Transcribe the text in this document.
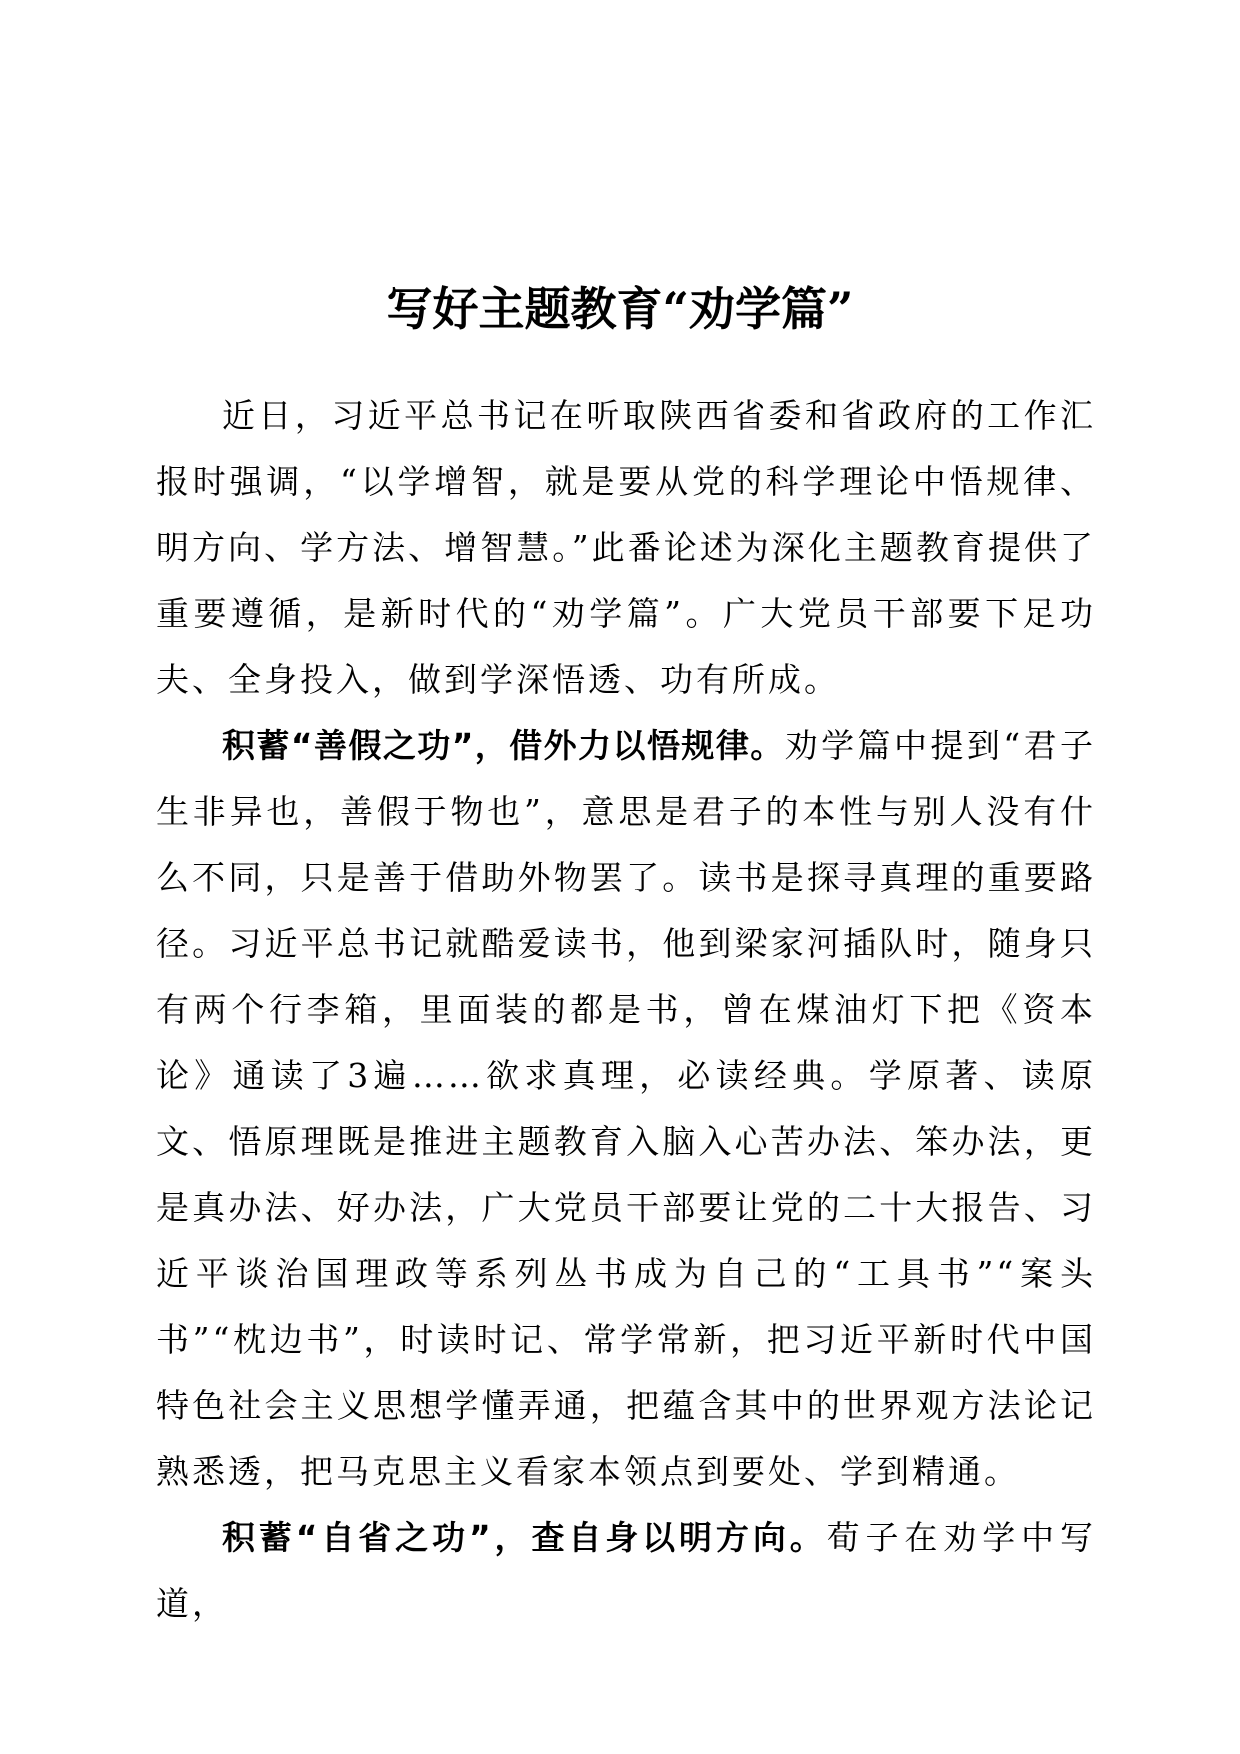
写好主题教育“劝学篇”

近日，习近平总书记在听取陕西省委和省政府的工作汇报时强调，“以学增智，就是要从党的科学理论中悟规律、明方向、学方法、增智慧。”此番论述为深化主题教育提供了重要遵循，是新时代的“劝学篇”。广大党员干部要下足功夫、全身投入，做到学深悟透、功有所成。

积蓄“善假之功”，借外力以悟规律。劝学篇中提到“君子生非异也，善假于物也”，意思是君子的本性与别人没有什么不同，只是善于借助外物罢了。读书是探寻真理的重要路径。习近平总书记就酷爱读书，他到梁家河插队时，随身只有两个行李箱，里面装的都是书，曾在煤油灯下把《资本论》通读了3遍……欲求真理，必读经典。学原著、读原文、悟原理既是推进主题教育入脑入心苦办法、笨办法，更是真办法、好办法，广大党员干部要让党的二十大报告、习近平谈治国理政等系列丛书成为自己的“工具书”“案头书”“枕边书”，时读时记、常学常新，把习近平新时代中国特色社会主义思想学懂弄通，把蕴含其中的世界观方法论记熟悉透，把马克思主义看家本领点到要处、学到精通。

积蓄“自省之功”，查自身以明方向。荀子在劝学中写道，
